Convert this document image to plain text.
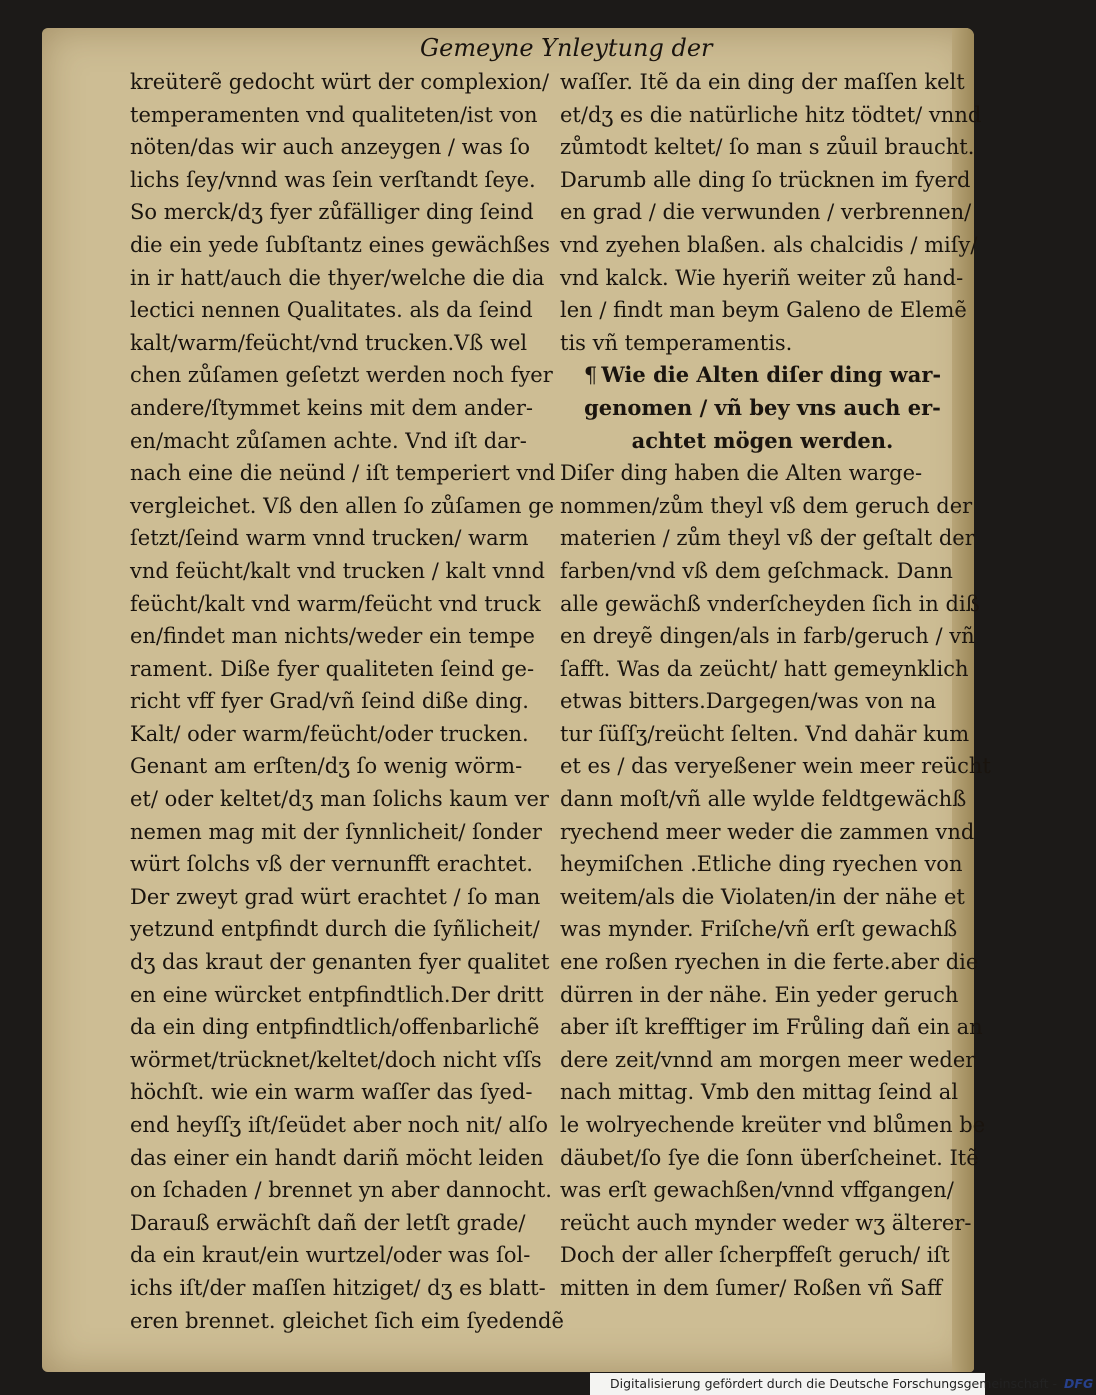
Gemeyne Ynleytung der
kreüterẽ gedocht würt der complexion/
temperamenten vnd qualiteten/ist von
nöten/das wir auch anzeygen / was ſo
lichs ſey/vnnd was ſein verſtandt ſeye.
So merck/dʒ fyer zůfälliger ding ſeind
die ein yede ſubſtantz eines gewächßes
in ir hatt/auch die thyer/welche die dia
lectici nennen Qualitates. als da ſeind
kalt/warm/feücht/vnd trucken.Vß wel
chen zůſamen geſetzt werden noch fyer
andere/ſtymmet keins mit dem ander-
en/macht zůſamen achte. Vnd iſt dar-
nach eine die neünd / iſt temperiert vnd
vergleichet. Vß den allen ſo zůſamen ge
ſetzt/ſeind warm vnnd trucken/ warm
vnd feücht/kalt vnd trucken / kalt vnnd
feücht/kalt vnd warm/feücht vnd truck
en/findet man nichts/weder ein tempe
rament. Diße fyer qualiteten ſeind ge-
richt vff fyer Grad/vñ ſeind diße ding.
Kalt/ oder warm/feücht/oder trucken.
Genant am erſten/dʒ ſo wenig wörm-
et/ oder keltet/dʒ man ſolichs kaum ver
nemen mag mit der ſynnlicheit/ ſonder
würt ſolchs vß der vernunfft erachtet.
Der zweyt grad würt erachtet / ſo man
yetzund entpfindt durch die ſyñlicheit/
dʒ das kraut der genanten fyer qualitet
en eine würcket entpfindtlich.Der dritt
da ein ding entpfindtlich/offenbarlichẽ
wörmet/trücknet/keltet/doch nicht vſſs
höchſt. wie ein warm waſſer das ſyed-
end heyſſʒ iſt/ſeüdet aber noch nit/ alſo
das einer ein handt dariñ möcht leiden
on ſchaden / brennet yn aber dannocht.
Darauß erwächſt dañ der letſt grade/
da ein kraut/ein wurtzel/oder was ſol-
ichs iſt/der maſſen hitziget/ dʒ es blatt-
eren brennet. gleichet ſich eim ſyedendẽ
waſſer. Itẽ da ein ding der maſſen kelt
et/dʒ es die natürliche hitz tödtet/ vnnd
zůmtodt keltet/ ſo man s zůuil braucht.
Darumb alle ding ſo trücknen im fyerd
en grad / die verwunden / verbrennen/
vnd zyehen blaßen. als chalcidis / miſy/
vnd kalck. Wie hyeriñ weiter zů hand-
len / findt man beym Galeno de Elemẽ
tis vñ temperamentis.
¶ Wie die Alten diſer ding war-
genomen / vñ bey vns auch er-
achtet mögen werden.
Diſer ding haben die Alten warge-
nommen/zům theyl vß dem geruch der
materien / zům theyl vß der geſtalt der
farben/vnd vß dem geſchmack. Dann
alle gewächß vnderſcheyden ſich in diß
en dreyẽ dingen/als in farb/geruch / vñ
ſafft. Was da zeücht/ hatt gemeynklich
etwas bitters.Dargegen/was von na
tur ſüſſʒ/reücht ſelten. Vnd dahär kum
et es / das veryeßener wein meer reücht
dann moſt/vñ alle wylde feldtgewächß
ryechend meer weder die zammen vnd
heymiſchen .Etliche ding ryechen von
weitem/als die Violaten/in der nähe et
was mynder. Friſche/vñ erſt gewachß
ene roßen ryechen in die ferte.aber die
dürren in der nähe. Ein yeder geruch
aber iſt krefftiger im Frůling dañ ein an
dere zeit/vnnd am morgen meer weder
nach mittag. Vmb den mittag ſeind al
le wolryechende kreüter vnd blůmen be
däubet/ſo ſye die ſonn überſcheinet. Itẽ
was erſt gewachßen/vnnd vffgangen/
reücht auch mynder weder wʒ älterer-
Doch der aller ſcherpffeſt geruch/ iſt
mitten in dem ſumer/ Roßen vñ Saff
Digitalisierung gefördert durch die Deutsche Forschungsgemeinschaft - DFG
